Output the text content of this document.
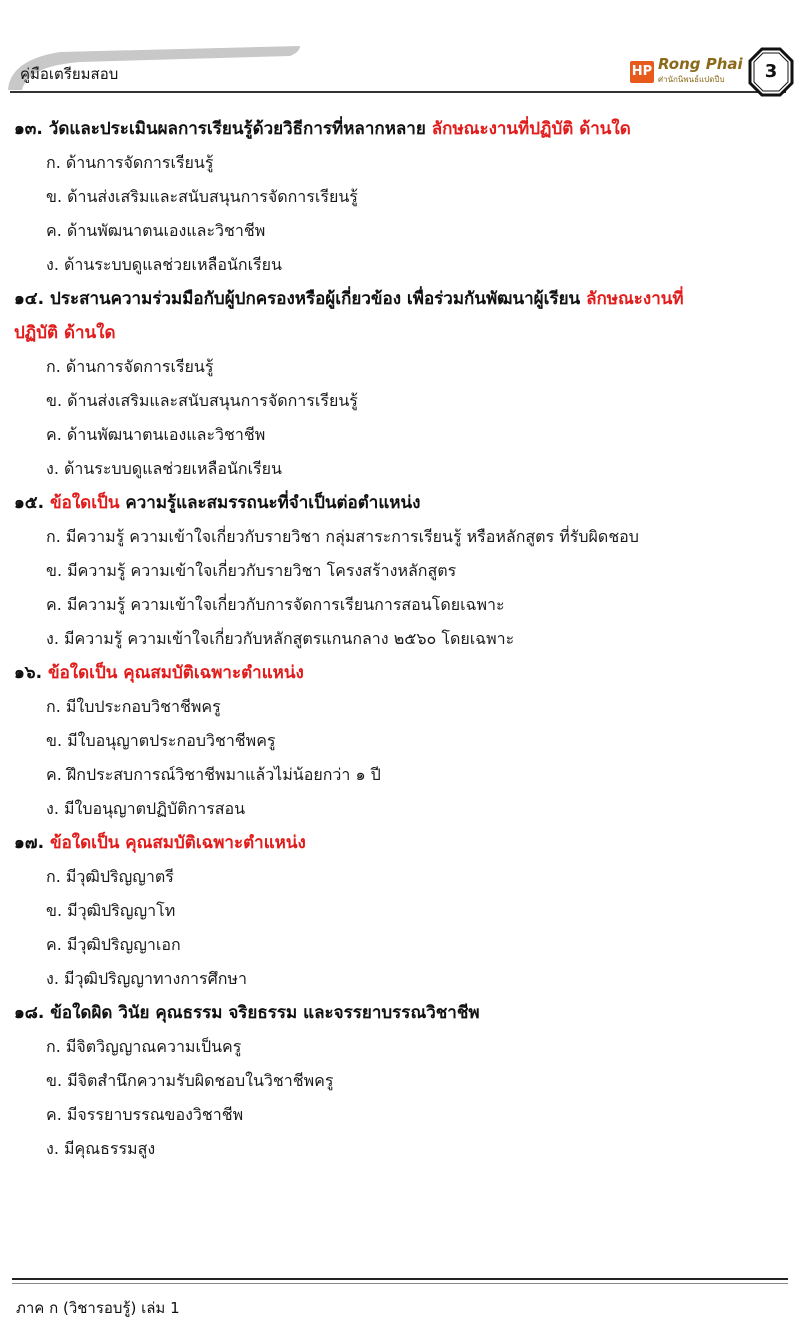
คู่มือเตรียมสอบ	HP Rong Phai
ศ่านักนิพนธ์แปดปีบ	3
๑๓. วัดและประเมินผลการเรียนรู้ด้วยวิธีการที่หลากหลาย ลักษณะงานที่ปฏิบัติ ด้านใด
ก. ด้านการจัดการเรียนรู้
ข. ด้านส่งเสริมและสนับสนุนการจัดการเรียนรู้
ค. ด้านพัฒนาตนเองและวิชาชีพ
ง. ด้านระบบดูแลช่วยเหลือนักเรียน
๑๔. ประสานความร่วมมือกับผู้ปกครองหรือผู้เกี่ยวข้อง เพื่อร่วมกันพัฒนาผู้เรียน ลักษณะงานที่
ปฏิบัติ ด้านใด
ก. ด้านการจัดการเรียนรู้
ข. ด้านส่งเสริมและสนับสนุนการจัดการเรียนรู้
ค. ด้านพัฒนาตนเองและวิชาชีพ
ง. ด้านระบบดูแลช่วยเหลือนักเรียน
๑๕. ข้อใดเป็น ความรู้และสมรรถนะที่จำเป็นต่อตำแหน่ง
ก. มีความรู้ ความเข้าใจเกี่ยวกับรายวิชา กลุ่มสาระการเรียนรู้ หรือหลักสูตร ที่รับผิดชอบ
ข. มีความรู้ ความเข้าใจเกี่ยวกับรายวิชา โครงสร้างหลักสูตร
ค. มีความรู้ ความเข้าใจเกี่ยวกับการจัดการเรียนการสอนโดยเฉพาะ
ง. มีความรู้ ความเข้าใจเกี่ยวกับหลักสูตรแกนกลาง ๒๕๖๐ โดยเฉพาะ
๑๖. ข้อใดเป็น คุณสมบัติเฉพาะตำแหน่ง
ก. มีใบประกอบวิชาชีพครู
ข. มีใบอนุญาตประกอบวิชาชีพครู
ค. ฝึกประสบการณ์วิชาชีพมาแล้วไม่น้อยกว่า ๑ ปี
ง. มีใบอนุญาตปฏิบัติการสอน
๑๗. ข้อใดเป็น คุณสมบัติเฉพาะตำแหน่ง
ก. มีวุฒิปริญญาตรี
ข. มีวุฒิปริญญาโท
ค. มีวุฒิปริญญาเอก
ง. มีวุฒิปริญญาทางการศึกษา
๑๘. ข้อใดผิด วินัย คุณธรรม จริยธรรม และจรรยาบรรณวิชาชีพ
ก. มีจิตวิญญาณความเป็นครู
ข. มีจิตสำนึกความรับผิดชอบในวิชาชีพครู
ค. มีจรรยาบรรณของวิชาชีพ
ง. มีคุณธรรมสูง
ภาค ก (วิชารอบรู้) เล่ม 1
